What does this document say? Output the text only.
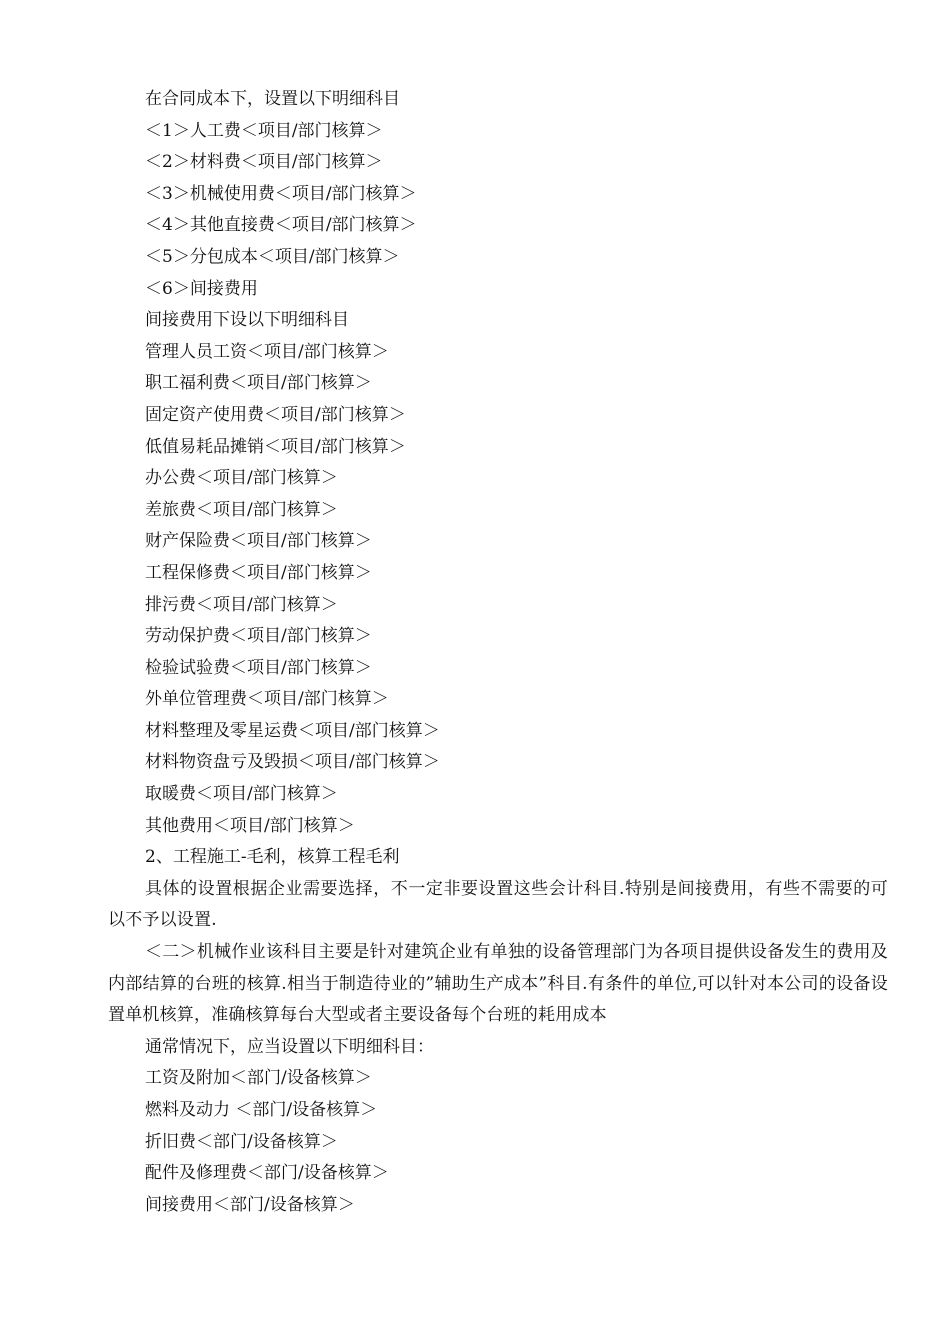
在合同成本下，设置以下明细科目
＜1＞人工费＜项目/部门核算＞
＜2＞材料费＜项目/部门核算＞
＜3＞机械使用费＜项目/部门核算＞
＜4＞其他直接费＜项目/部门核算＞
＜5＞分包成本＜项目/部门核算＞
＜6＞间接费用
间接费用下设以下明细科目
管理人员工资＜项目/部门核算＞
职工福利费＜项目/部门核算＞
固定资产使用费＜项目/部门核算＞
低值易耗品摊销＜项目/部门核算＞
办公费＜项目/部门核算＞
差旅费＜项目/部门核算＞
财产保险费＜项目/部门核算＞
工程保修费＜项目/部门核算＞
排污费＜项目/部门核算＞
劳动保护费＜项目/部门核算＞
检验试验费＜项目/部门核算＞
外单位管理费＜项目/部门核算＞
材料整理及零星运费＜项目/部门核算＞
材料物资盘亏及毁损＜项目/部门核算＞
取暖费＜项目/部门核算＞
其他费用＜项目/部门核算＞
2、工程施工-毛利，核算工程毛利
具体的设置根据企业需要选择，不一定非要设置这些会计科目.特别是间接费用，有些不需要的可以不予以设置.
＜二＞机械作业该科目主要是针对建筑企业有单独的设备管理部门为各项目提供设备发生的费用及内部结算的台班的核算.相当于制造待业的”辅助生产成本”科目.有条件的单位,可以针对本公司的设备设置单机核算，准确核算每台大型或者主要设备每个台班的耗用成本
通常情况下，应当设置以下明细科目：
工资及附加＜部门/设备核算＞
燃料及动力 ＜部门/设备核算＞
折旧费＜部门/设备核算＞
配件及修理费＜部门/设备核算＞
间接费用＜部门/设备核算＞
